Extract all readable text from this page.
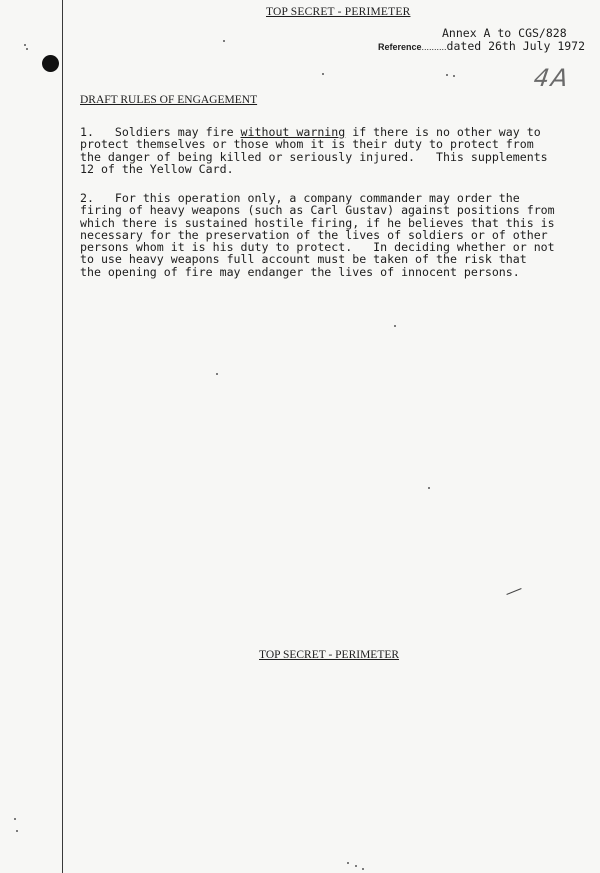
TOP SECRET - PERIMETER
Annex A to CGS/828
Reference..........dated 26th July 1972
4A
DRAFT RULES OF ENGAGEMENT
1.   Soldiers may fire without warning if there is no other way to
protect themselves or those whom it is their duty to protect from
the danger of being killed or seriously injured.   This supplements
12 of the Yellow Card.
2.   For this operation only, a company commander may order the
firing of heavy weapons (such as Carl Gustav) against positions from
which there is sustained hostile firing, if he believes that this is
necessary for the preservation of the lives of soldiers or of other
persons whom it is his duty to protect.   In deciding whether or not
to use heavy weapons full account must be taken of the risk that
the opening of fire may endanger the lives of innocent persons.
TOP SECRET - PERIMETER
